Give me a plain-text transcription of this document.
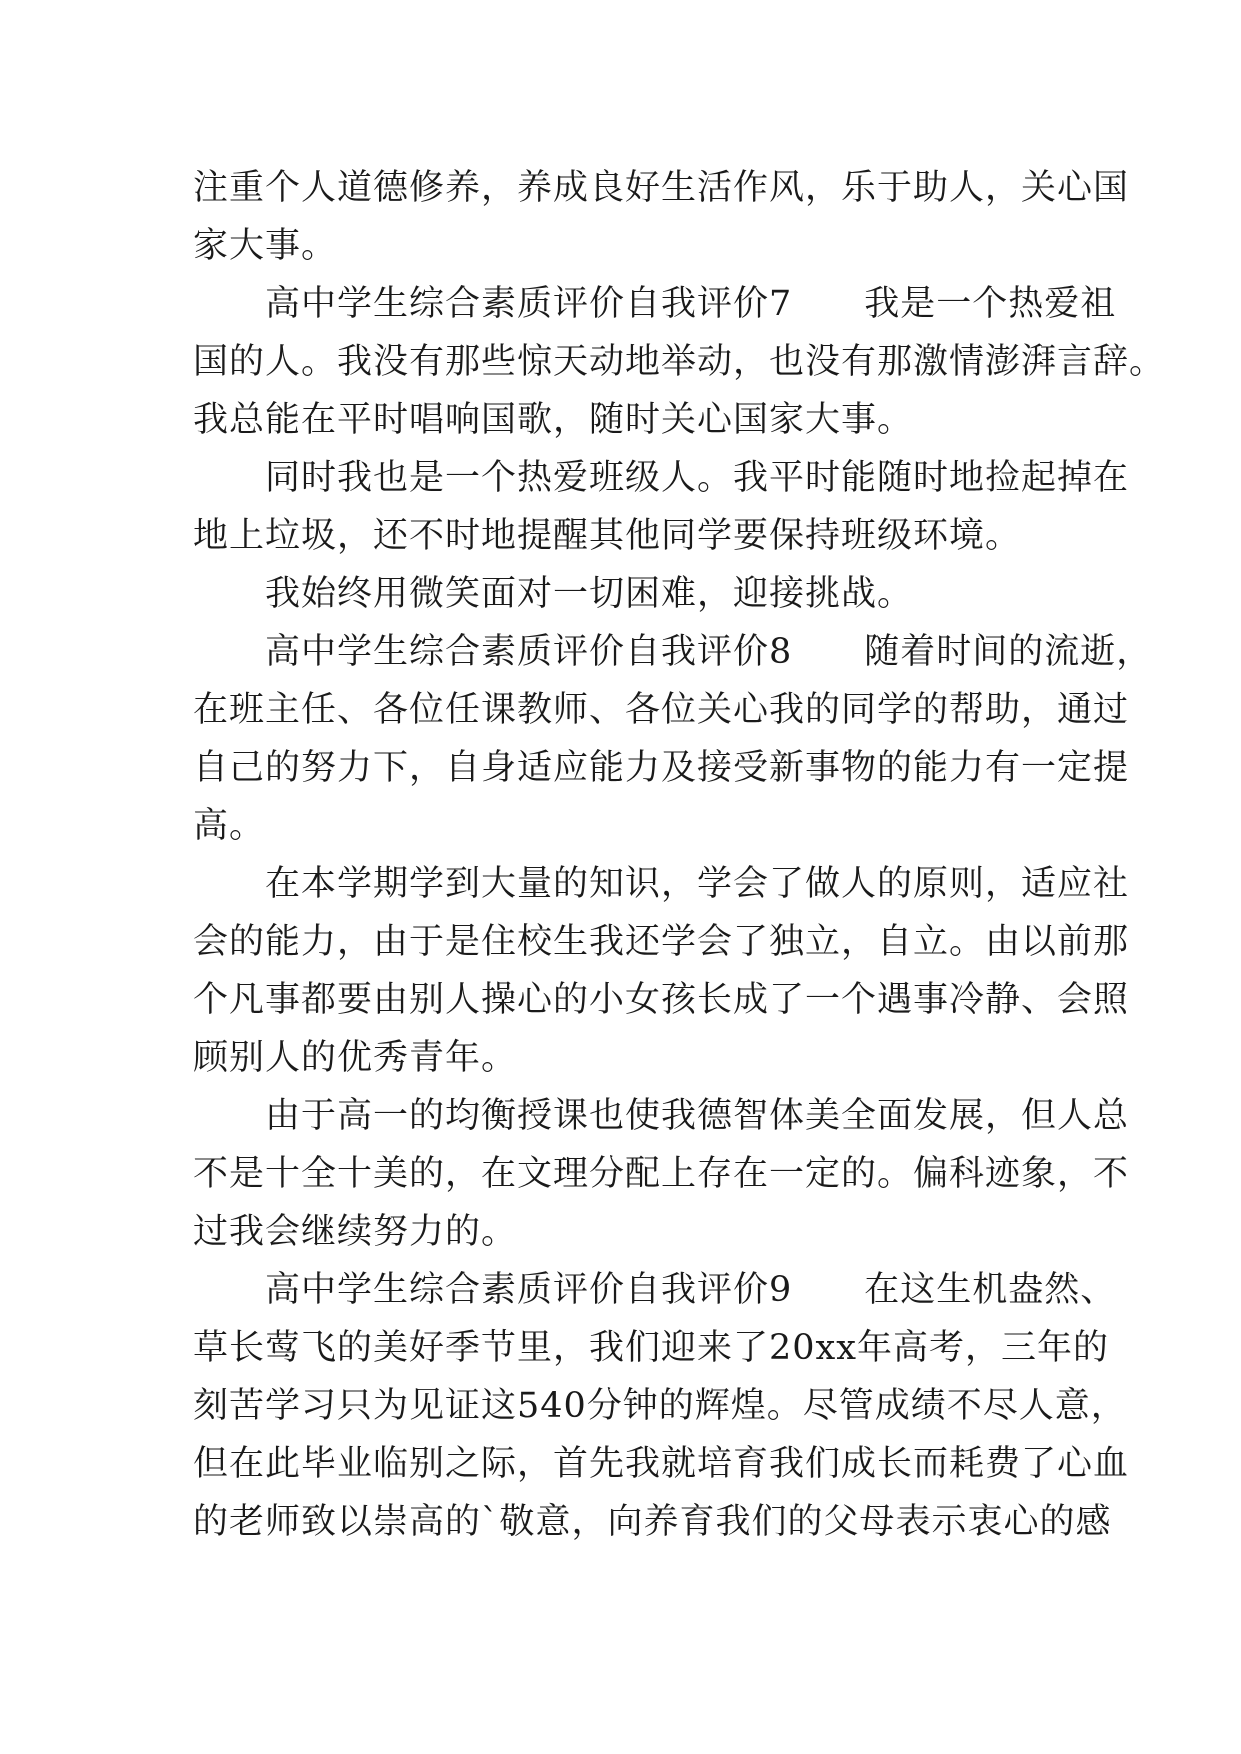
注重个人道德修养，养成良好生活作风，乐于助人，关心国
家大事。
　　高中学生综合素质评价自我评价7　　我是一个热爱祖
国的人。我没有那些惊天动地举动，也没有那激情澎湃言辞。
我总能在平时唱响国歌，随时关心国家大事。
　　同时我也是一个热爱班级人。我平时能随时地捡起掉在
地上垃圾，还不时地提醒其他同学要保持班级环境。
　　我始终用微笑面对一切困难，迎接挑战。
　　高中学生综合素质评价自我评价8　　随着时间的流逝，
在班主任、各位任课教师、各位关心我的同学的帮助，通过
自己的努力下，自身适应能力及接受新事物的能力有一定提
高。
　　在本学期学到大量的知识，学会了做人的原则，适应社
会的能力，由于是住校生我还学会了独立，自立。由以前那
个凡事都要由别人操心的小女孩长成了一个遇事冷静、会照
顾别人的优秀青年。
　　由于高一的均衡授课也使我德智体美全面发展，但人总
不是十全十美的，在文理分配上存在一定的。偏科迹象，不
过我会继续努力的。
　　高中学生综合素质评价自我评价9　　在这生机盎然、
草长莺飞的美好季节里，我们迎来了20xx年高考，三年的
刻苦学习只为见证这540分钟的辉煌。尽管成绩不尽人意，
但在此毕业临别之际，首先我就培育我们成长而耗费了心血
的老师致以崇高的`敬意，向养育我们的父母表示衷心的感
